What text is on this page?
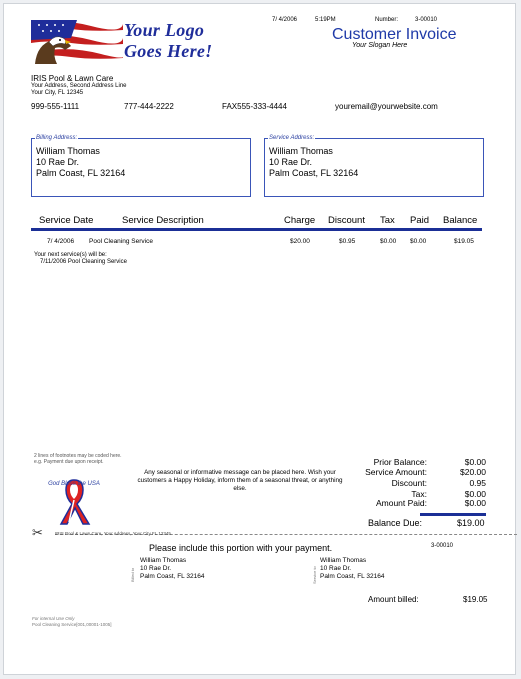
Your Logo
Goes Here!
7/ 4/2006	5:19PM	Number:	3-00010
Customer Invoice
Your Slogan Here
IRIS Pool & Lawn Care
Your Address, Second Address Line
Your City, FL 12345
999-555-1111	777-444-2222	FAX555-333-4444	youremail@yourwebsite.com
Billing Address:
William Thomas
10 Rae Dr.
Palm Coast, FL 32164
Service Address:
William Thomas
10 Rae Dr.
Palm Coast, FL 32164
Service Date	Service Description	Charge Discount Tax Paid Balance
7/ 4/2006 Pool Cleaning Service	$20.00	$0.95	$0.00 $0.00	$19.05
Your next service(s) will be:
7/11/2006 Pool Cleaning Service
2 lines of footnotes may be coded here.
e.g. Payment due upon receipt.
God Bless the USA
Any seasonal or informative message can be placed here. Wish your
customers a Happy Holiday, inform them of a seasonal threat, or anything
else.
Prior Balance:	$0.00
Service Amount:	$20.00
Discount:	0.95
Tax:	$0.00
Amount Paid:	$0.00
Balance Due:	$19.00
✂	IRIS Pool & Lawn Care, Your Address, Your City FL 12345
Please include this portion with your payment.	3-00010
Billed to
William Thomas
10 Rae Dr.
Palm Coast, FL 32164	Service to
William Thomas
10 Rae Dr.
Palm Coast, FL 32164
Amount billed:	$19.05
For internal Use Only
Pool Cleaning Service[001,00001-1005]
